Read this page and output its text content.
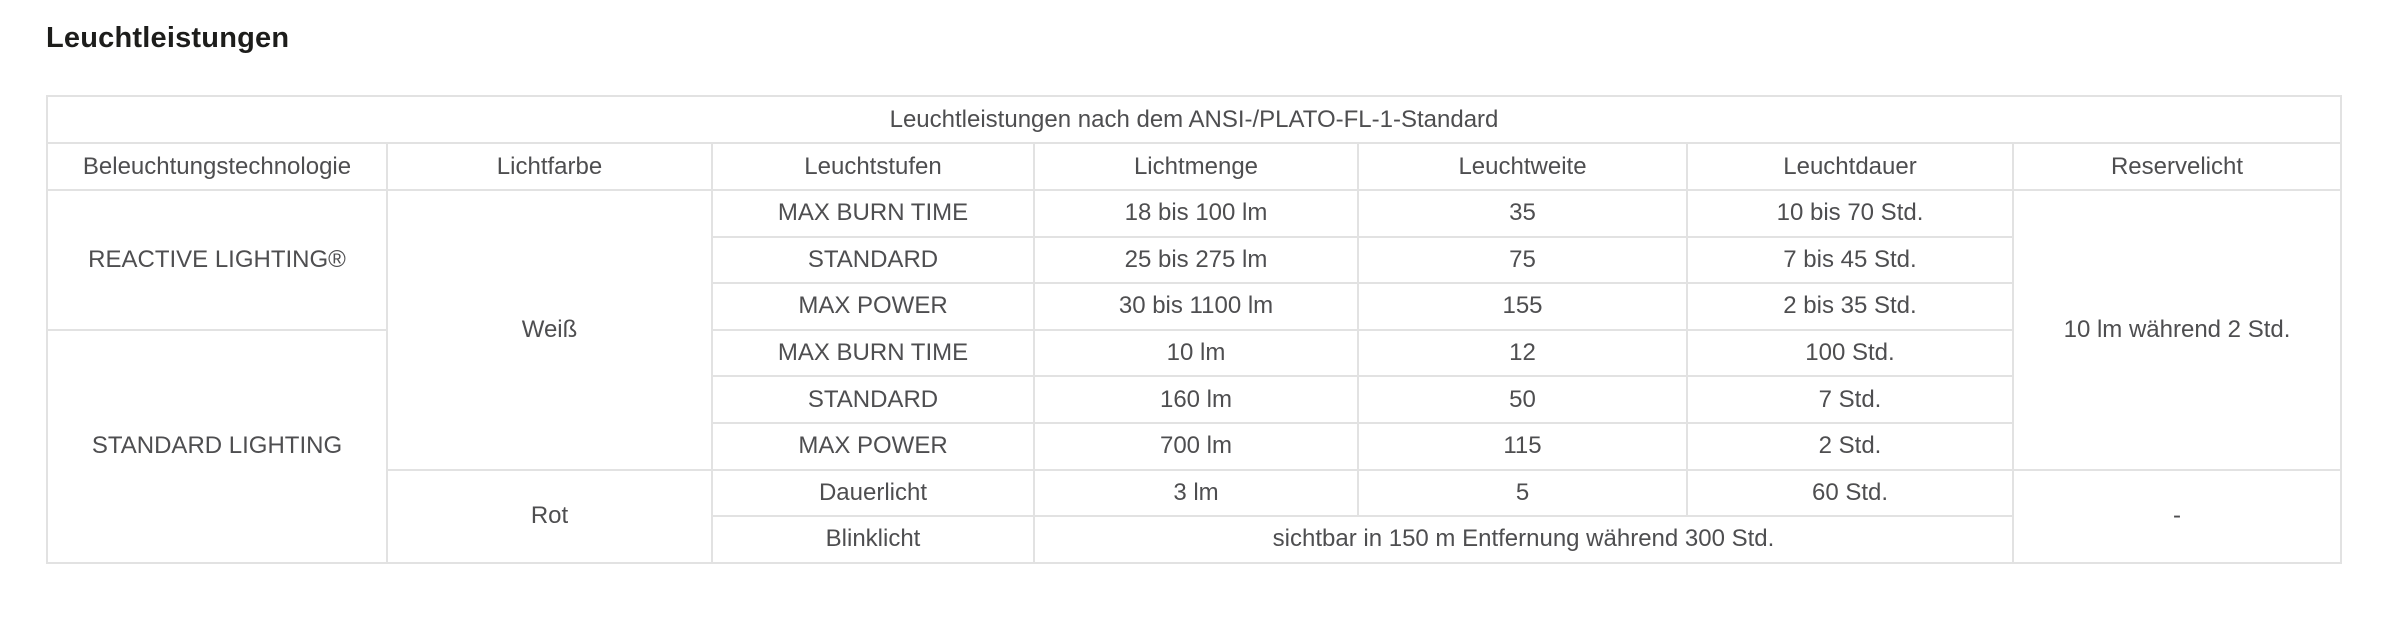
Leuchtleistungen
Leuchtleistungen nach dem ANSI-/PLATO-FL-1-Standard						
Beleuchtungstechnologie	Lichtfarbe	Leuchtstufen	Lichtmenge	Leuchtweite	Leuchtdauer	Reservelicht
REACTIVE LIGHTING®	Weiß	MAX BURN TIME	18 bis 100 lm	35	10 bis 70 Std.	10 lm während 2 Std.
		STANDARD	25 bis 275 lm	75	7 bis 45 Std.	
		MAX POWER	30 bis 1100 lm	155	2 bis 35 Std.	
STANDARD LIGHTING		MAX BURN TIME	10 lm	12	100 Std.	
		STANDARD	160 lm	50	7 Std.	
		MAX POWER	700 lm	115	2 Std.	
	Rot	Dauerlicht	3 lm	5	60 Std.	-
		Blinklicht	sichtbar in 150 m Entfernung während 300 Std.			
